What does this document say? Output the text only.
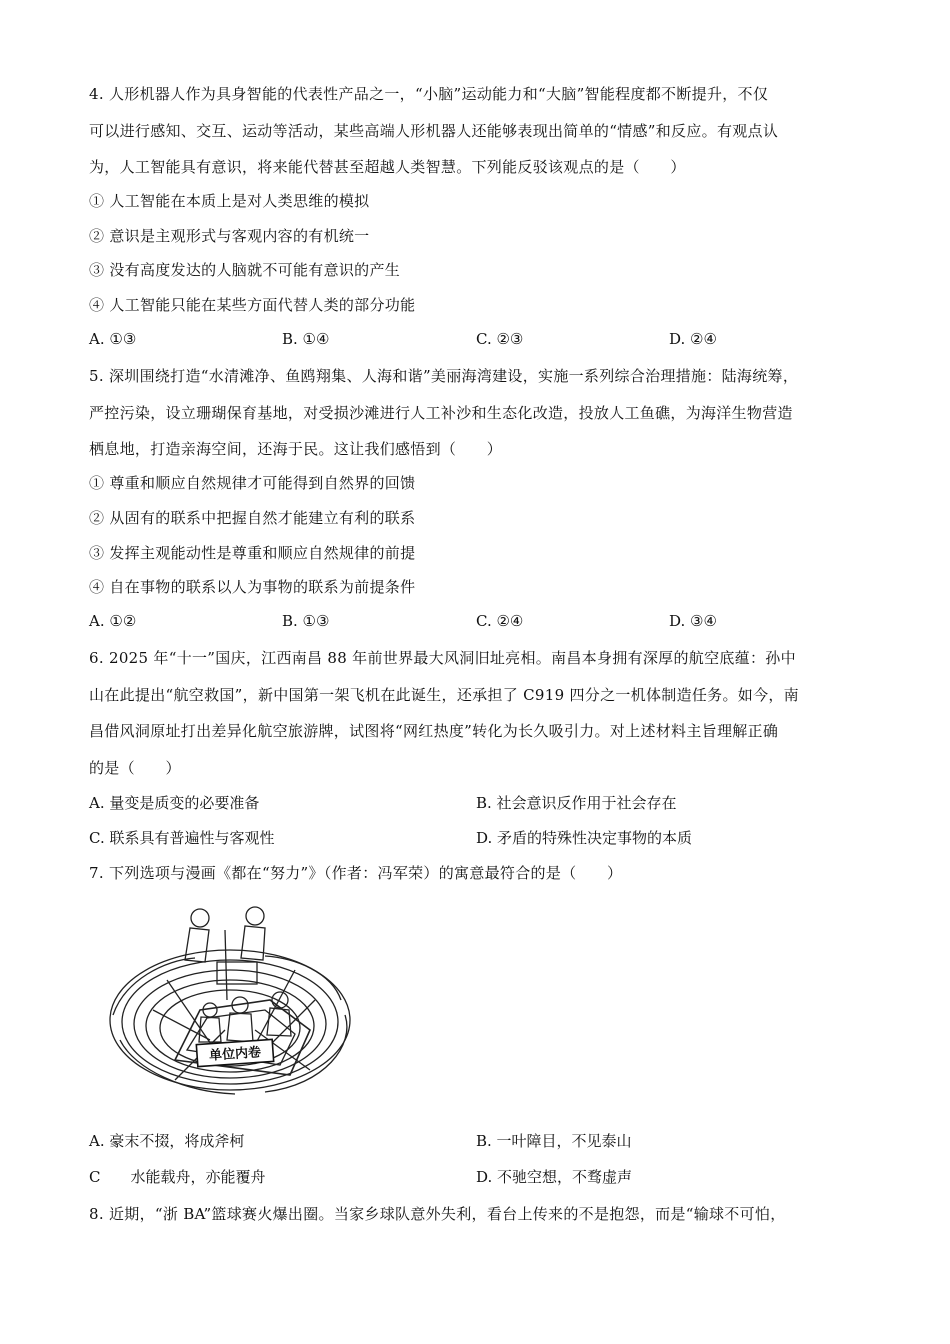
4. 人形机器人作为具身智能的代表性产品之一，“小脑”运动能力和“大脑”智能程度都不断提升，不仅
可以进行感知、交互、运动等活动，某些高端人形机器人还能够表现出简单的“情感”和反应。有观点认
为，人工智能具有意识，将来能代替甚至超越人类智慧。下列能反驳该观点的是（　　）
① 人工智能在本质上是对人类思维的模拟
② 意识是主观形式与客观内容的有机统一
③ 没有高度发达的人脑就不可能有意识的产生
④ 人工智能只能在某些方面代替人类的部分功能
A. ①③	B. ①④	C. ②③	D. ②④
5. 深圳围绕打造“水清滩净、鱼鸥翔集、人海和谐”美丽海湾建设，实施一系列综合治理措施：陆海统筹，
严控污染，设立珊瑚保育基地，对受损沙滩进行人工补沙和生态化改造，投放人工鱼礁，为海洋生物营造
栖息地，打造亲海空间，还海于民。这让我们感悟到（　　）
① 尊重和顺应自然规律才可能得到自然界的回馈
② 从固有的联系中把握自然才能建立有利的联系
③ 发挥主观能动性是尊重和顺应自然规律的前提
④ 自在事物的联系以人为事物的联系为前提条件
A. ①②	B. ①③	C. ②④	D. ③④
6. 2025 年“十一”国庆，江西南昌 88 年前世界最大风洞旧址亮相。南昌本身拥有深厚的航空底蕴：孙中
山在此提出“航空救国”，新中国第一架飞机在此诞生，还承担了 C919 四分之一机体制造任务。如今，南
昌借风洞原址打出差异化航空旅游牌，试图将“网红热度”转化为长久吸引力。对上述材料主旨理解正确
的是（　　）
A. 量变是质变的必要准备	B. 社会意识反作用于社会存在
C. 联系具有普遍性与客观性	D. 矛盾的特殊性决定事物的本质
7. 下列选项与漫画《都在“努力”》（作者：冯军荣）的寓意最符合的是（　　）
单位内卷
A. 豪末不掇，将成斧柯	B. 一叶障目，不见泰山
C　　水能载舟，亦能覆舟	D. 不驰空想，不骛虚声
8. 近期，“浙 BA”篮球赛火爆出圈。当家乡球队意外失利，看台上传来的不是抱怨，而是“输球不可怕，
